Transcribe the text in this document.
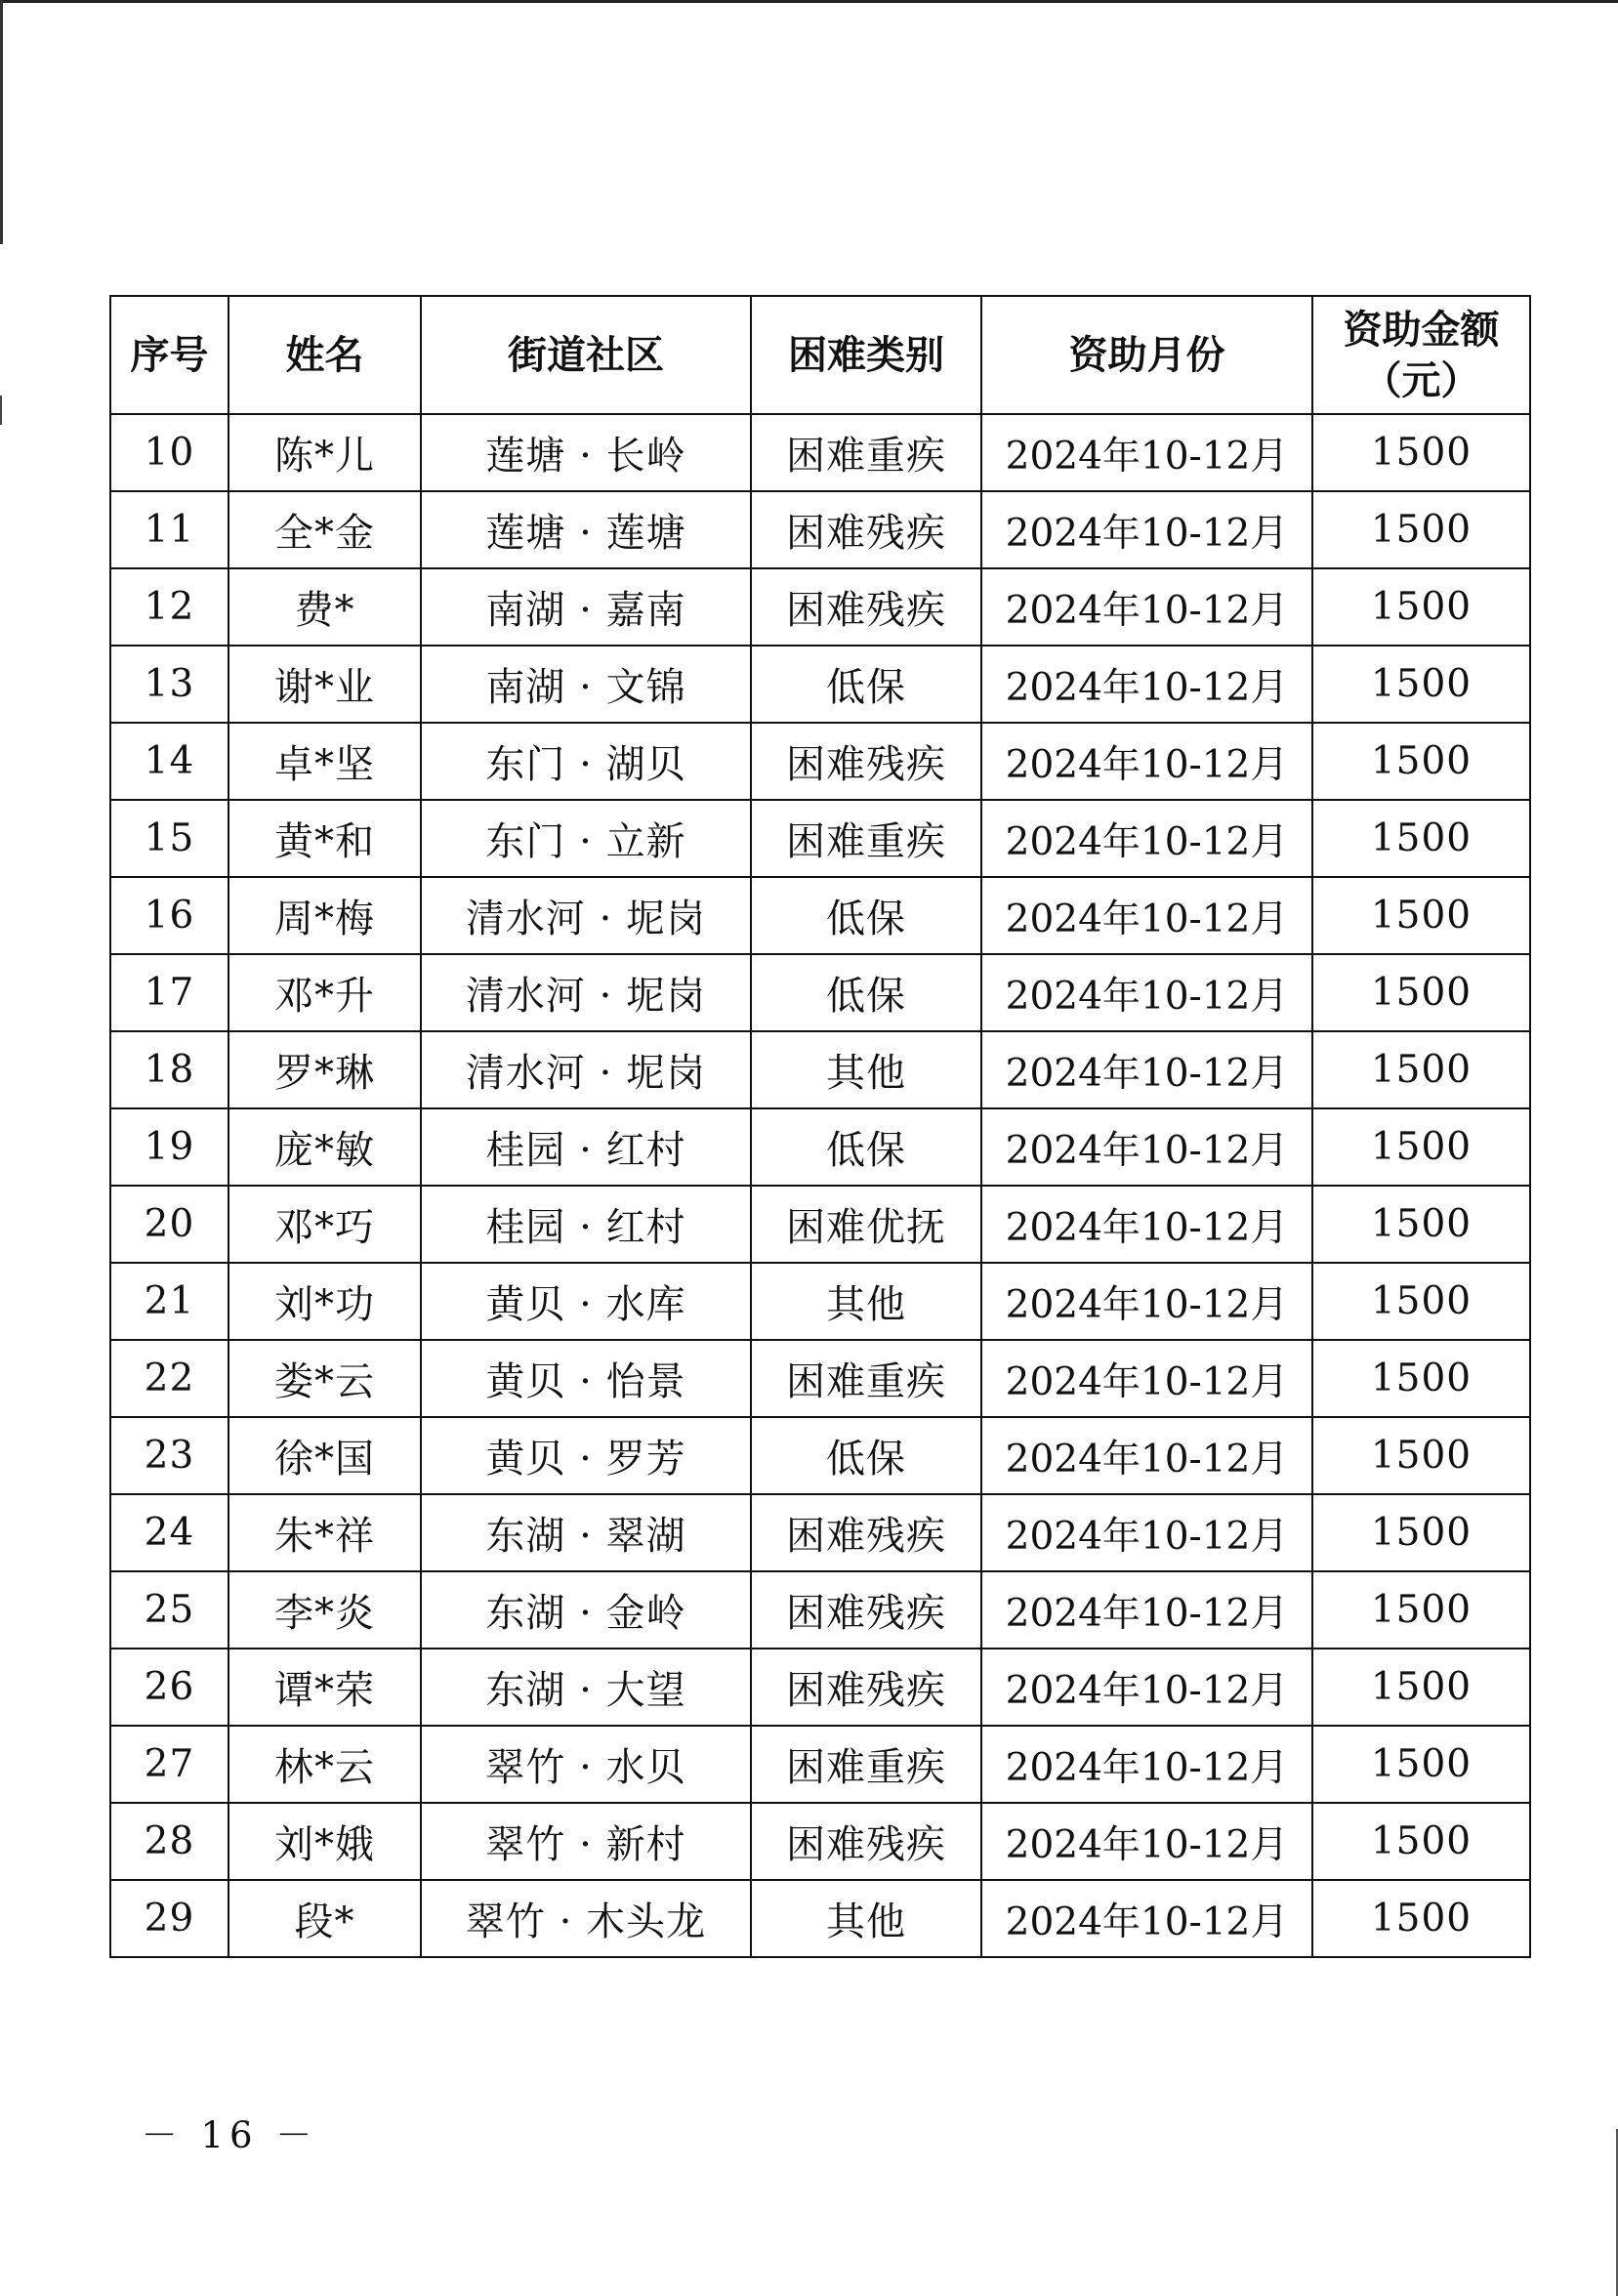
序号	姓名	街道社区	困难类别	资助月份	资助金额
（元）

10	陈*儿	莲塘 · 长岭	困难重疾	2024年10-12月	1500
11	全*金	莲塘 · 莲塘	困难残疾	2024年10-12月	1500
12	费*	南湖 · 嘉南	困难残疾	2024年10-12月	1500
13	谢*业	南湖 · 文锦	低保	2024年10-12月	1500
14	卓*坚	东门 · 湖贝	困难残疾	2024年10-12月	1500
15	黄*和	东门 · 立新	困难重疾	2024年10-12月	1500
16	周*梅	清水河 · 坭岗	低保	2024年10-12月	1500
17	邓*升	清水河 · 坭岗	低保	2024年10-12月	1500
18	罗*琳	清水河 · 坭岗	其他	2024年10-12月	1500
19	庞*敏	桂园 · 红村	低保	2024年10-12月	1500
20	邓*巧	桂园 · 红村	困难优抚	2024年10-12月	1500
21	刘*功	黄贝 · 水库	其他	2024年10-12月	1500
22	娄*云	黄贝 · 怡景	困难重疾	2024年10-12月	1500
23	徐*国	黄贝 · 罗芳	低保	2024年10-12月	1500
24	朱*祥	东湖 · 翠湖	困难残疾	2024年10-12月	1500
25	李*炎	东湖 · 金岭	困难残疾	2024年10-12月	1500
26	谭*荣	东湖 · 大望	困难残疾	2024年10-12月	1500
27	林*云	翠竹 · 水贝	困难重疾	2024年10-12月	1500
28	刘*娥	翠竹 · 新村	困难残疾	2024年10-12月	1500
29	段*	翠竹 · 木头龙	其他	2024年10-12月	1500
－ 16 －
